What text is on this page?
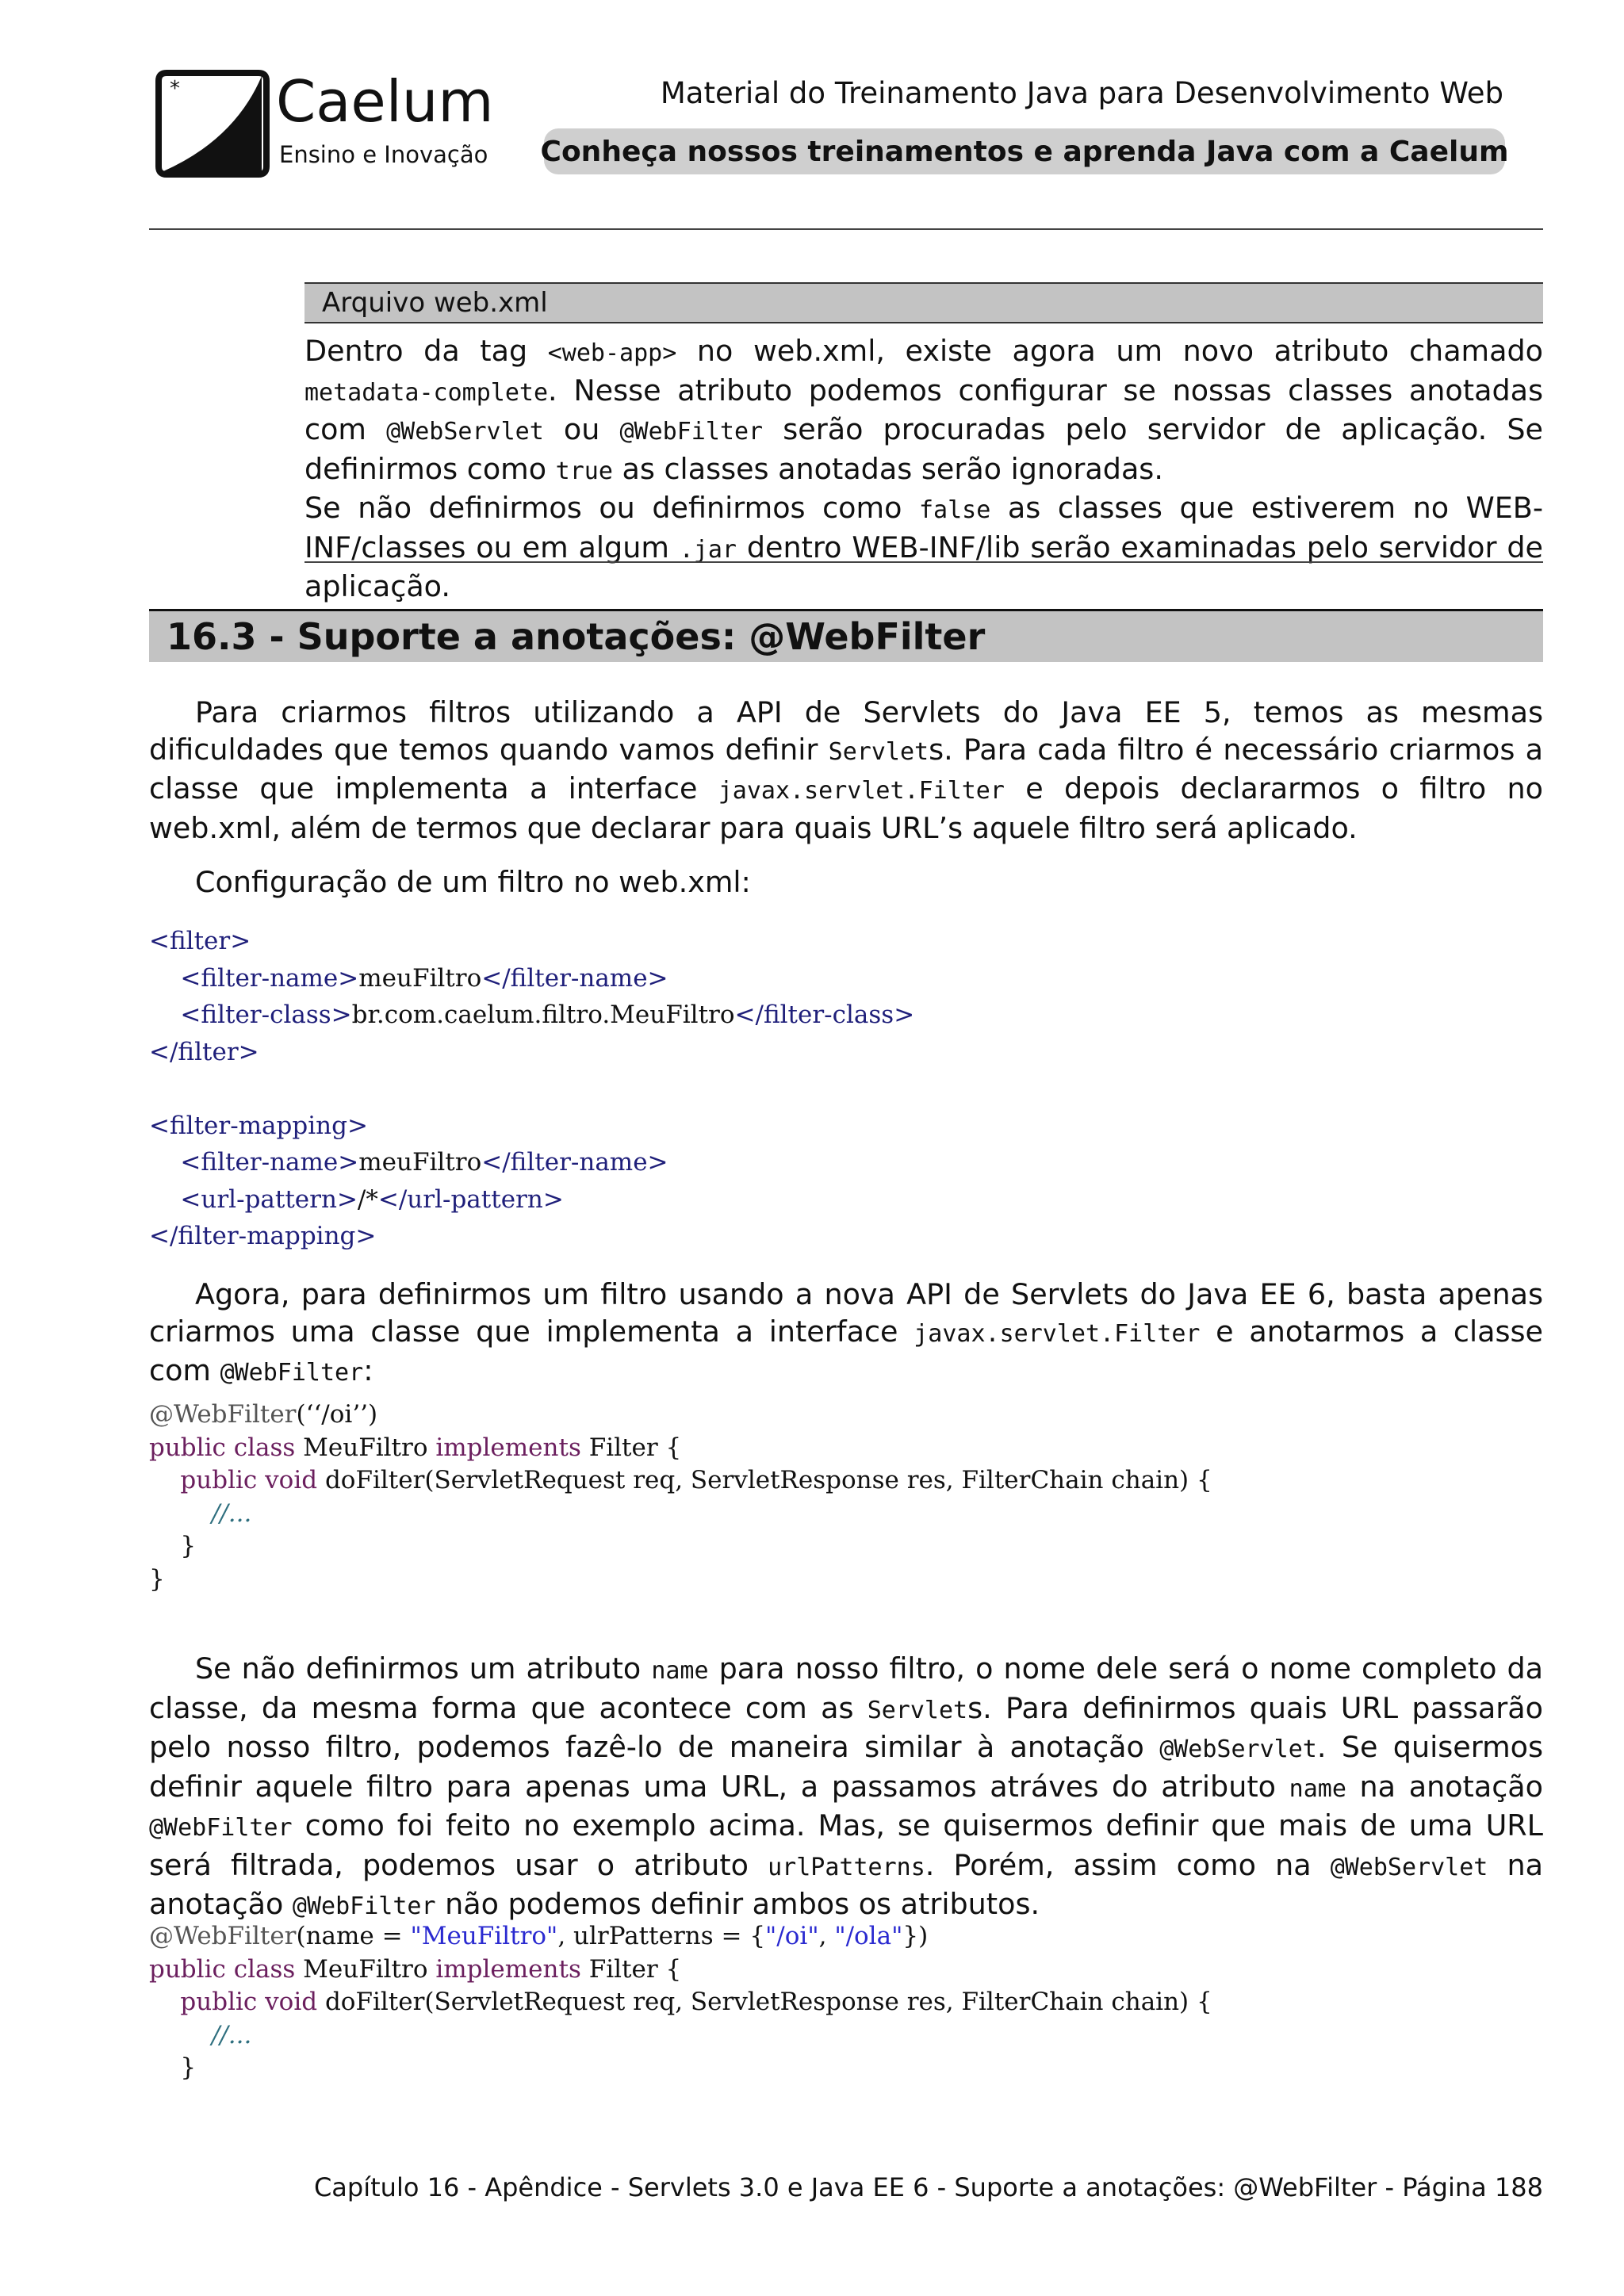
* Caelum
Ensino e Inovação
Material do Treinamento Java para Desenvolvimento Web
Conheça nossos treinamentos e aprenda Java com a Caelum
Arquivo web.xml
Dentro da tag <web-app> no web.xml, existe agora um novo atributo chamado metadata-complete. Nesse atributo podemos configurar se nossas classes anotadas com @WebServlet ou @WebFilter serão procuradas pelo servidor de aplicação. Se definirmos como true as classes anotadas serão ignoradas.
Se não definirmos ou definirmos como false as classes que estiverem no WEB-INF/classes ou em algum .jar dentro WEB-INF/lib serão examinadas pelo servidor de aplicação.
16.3 - Suporte a anotações: @WebFilter
Para criarmos filtros utilizando a API de Servlets do Java EE 5, temos as mesmas dificuldades que temos quando vamos definir Servlets. Para cada filtro é necessário criarmos a classe que implementa a interface javax.servlet.Filter e depois declararmos o filtro no web.xml, além de termos que declarar para quais URL’s aquele filtro será aplicado.
Configuração de um filtro no web.xml:
<filter>
<filter-name>meuFiltro</filter-name>
<filter-class>br.com.caelum.filtro.MeuFiltro</filter-class>
</filter>

<filter-mapping>
<filter-name>meuFiltro</filter-name>
<url-pattern>/*</url-pattern>
</filter-mapping>
Agora, para definirmos um filtro usando a nova API de Servlets do Java EE 6, basta apenas criarmos uma classe que implementa a interface javax.servlet.Filter e anotarmos a classe com @WebFilter:
@WebFilter(‘‘/oi’’)
public class MeuFiltro implements Filter {
public void doFilter(ServletRequest req, ServletResponse res, FilterChain chain) {
//...
}
}
Se não definirmos um atributo name para nosso filtro, o nome dele será o nome completo da classe, da mesma forma que acontece com as Servlets. Para definirmos quais URL passarão pelo nosso filtro, podemos fazê-lo de maneira similar à anotação @WebServlet. Se quisermos definir aquele filtro para apenas uma URL, a passamos atráves do atributo name na anotação @WebFilter como foi feito no exemplo acima. Mas, se quisermos definir que mais de uma URL será filtrada, podemos usar o atributo urlPatterns. Porém, assim como na @WebServlet na anotação @WebFilter não podemos definir ambos os atributos.
@WebFilter(name = "MeuFiltro", ulrPatterns = {"/oi", "/ola"})
public class MeuFiltro implements Filter {
public void doFilter(ServletRequest req, ServletResponse res, FilterChain chain) {
//...
}
Capítulo 16 - Apêndice - Servlets 3.0 e Java EE 6 - Suporte a anotações: @WebFilter - Página 188
